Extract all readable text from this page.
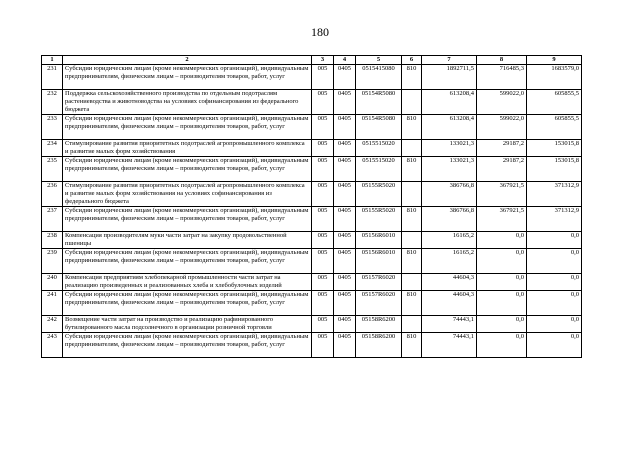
180
1	2	3	4	5	6	7	8	9
231	Субсидии юридическим лицам (кроме некоммерческих организаций), индивидуальным предпринимателям, физическим лицам – производителям товаров, работ, услуг	005	0405	0515415080	810	1892711,5	716485,3	1683579,0
232	Поддержка сельскохозяйственного производства по отдельным подотраслям растениеводства и животноводства на условиях софинансирования из федерального бюджета	005	0405	05154R5080		613208,4	599022,0	605855,5
233	Субсидии юридическим лицам (кроме некоммерческих организаций), индивидуальным предпринимателям, физическим лицам – производителям товаров, работ, услуг	005	0405	05154R5080	810	613208,4	599022,0	605855,5
234	Стимулирование развития приоритетных подотраслей агропромышленного комплекса и развитие малых форм хозяйствования	005	0405	0515515020		133021,3	29187,2	153015,8
235	Субсидии юридическим лицам (кроме некоммерческих организаций), индивидуальным предпринимателям, физическим лицам – производителям товаров, работ, услуг	005	0405	0515515020	810	133021,3	29187,2	153015,8
236	Стимулирование развития приоритетных подотраслей агропромышленного комплекса и развитие малых форм хозяйствования на условиях софинансирования из федерального бюджета	005	0405	05155R5020		386766,8	367921,5	371312,9
237	Субсидии юридическим лицам (кроме некоммерческих организаций), индивидуальным предпринимателям, физическим лицам – производителям товаров, работ, услуг	005	0405	05155R5020	810	386766,8	367921,5	371312,9
238	Компенсация производителям муки части затрат на закупку продовольственной пшеницы	005	0405	05156R6010		16165,2	0,0	0,0
239	Субсидии юридическим лицам (кроме некоммерческих организаций), индивидуальным предпринимателям, физическим лицам – производителям товаров, работ, услуг	005	0405	05156R6010	810	16165,2	0,0	0,0
240	Компенсация предприятиям хлебопекарной промышленности части затрат на реализацию произведенных и реализованных хлеба и хлебобулочных изделий	005	0405	05157R6020		44604,3	0,0	0,0
241	Субсидии юридическим лицам (кроме некоммерческих организаций), индивидуальным предпринимателям, физическим лицам – производителям товаров, работ, услуг	005	0405	05157R6020	810	44604,3	0,0	0,0
242	Возмещение части затрат на производство и реализацию рафинированного бутилированного масла подсолнечного в организации розничной торговли	005	0405	05158R6200		74443,1	0,0	0,0
243	Субсидии юридическим лицам (кроме некоммерческих организаций), индивидуальным предпринимателям, физическим лицам – производителям товаров, работ, услуг	005	0405	05158R6200	810	74443,1	0,0	0,0
